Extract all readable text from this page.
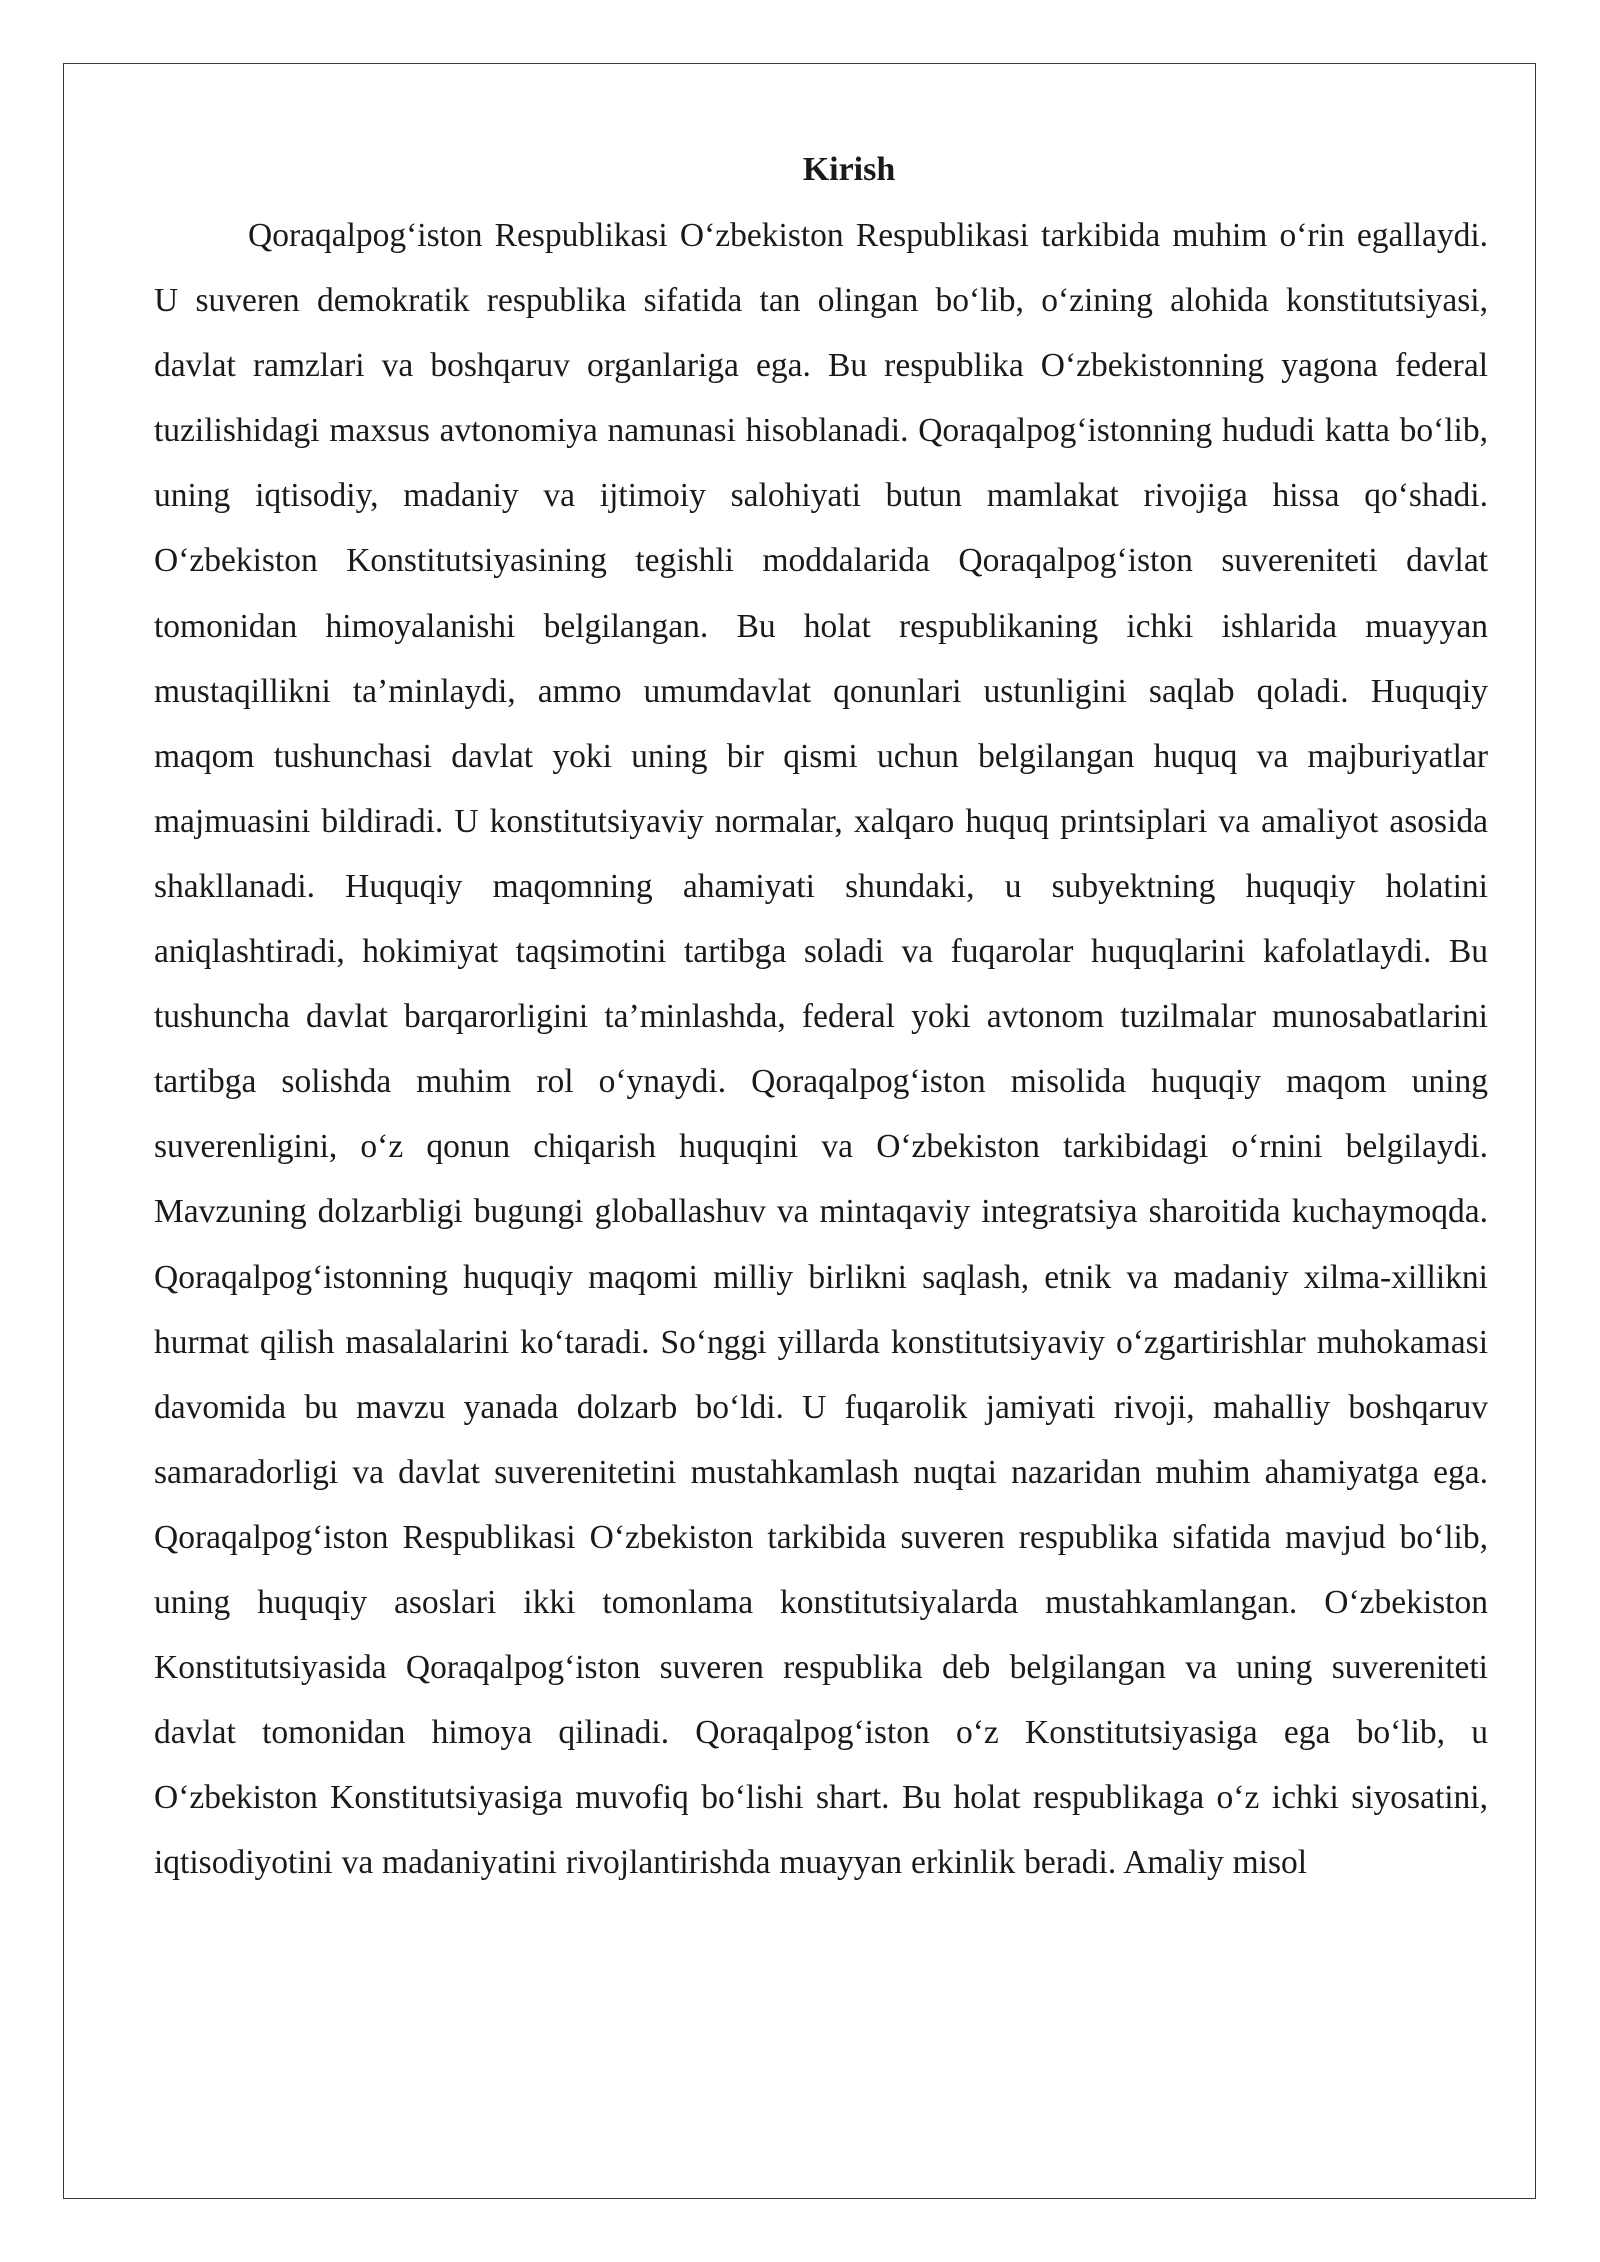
Kirish

Qoraqalpog‘iston Respublikasi O‘zbekiston Respublikasi tarkibida muhim o‘rin egallaydi. U suveren demokratik respublika sifatida tan olingan bo‘lib, o‘zining alohida konstitutsiyasi, davlat ramzlari va boshqaruv organlariga ega. Bu respublika O‘zbekistonning yagona federal tuzilishidagi maxsus avtonomiya namunasi hisoblanadi. Qoraqalpog‘istonning hududi katta bo‘lib, uning iqtisodiy, madaniy va ijtimoiy salohiyati butun mamlakat rivojiga hissa qo‘shadi. O‘zbekiston Konstitutsiyasining tegishli moddalarida Qoraqalpog‘iston suvereniteti davlat tomonidan himoyalanishi belgilangan. Bu holat respublikaning ichki ishlarida muayyan mustaqillikni ta’minlaydi, ammo umumdavlat qonunlari ustunligini saqlab qoladi. Huquqiy maqom tushunchasi davlat yoki uning bir qismi uchun belgilangan huquq va majburiyatlar majmuasini bildiradi. U konstitutsiyaviy normalar, xalqaro huquq printsiplari va amaliyot asosida shakllanadi. Huquqiy maqomning ahamiyati shundaki, u subyektning huquqiy holatini aniqlashtiradi, hokimiyat taqsimotini tartibga soladi va fuqarolar huquqlarini kafolatlaydi. Bu tushuncha davlat barqarorligini ta’minlashda, federal yoki avtonom tuzilmalar munosabatlarini tartibga solishda muhim rol o‘ynaydi. Qoraqalpog‘iston misolida huquqiy maqom uning suverenligini, o‘z qonun chiqarish huquqini va O‘zbekiston tarkibidagi o‘rnini belgilaydi. Mavzuning dolzarbligi bugungi globallashuv va mintaqaviy integratsiya sharoitida kuchaymoqda. Qoraqalpog‘istonning huquqiy maqomi milliy birlikni saqlash, etnik va madaniy xilma-xillikni hurmat qilish masalalarini ko‘taradi. So‘nggi yillarda konstitutsiyaviy o‘zgartirishlar muhokamasi davomida bu mavzu yanada dolzarb bo‘ldi. U fuqarolik jamiyati rivoji, mahalliy boshqaruv samaradorligi va davlat suverenitetini mustahkamlash nuqtai nazaridan muhim ahamiyatga ega. Qoraqalpog‘iston Respublikasi O‘zbekiston tarkibida suveren respublika sifatida mavjud bo‘lib, uning huquqiy asoslari ikki tomonlama konstitutsiyalarda mustahkamlangan. O‘zbekiston Konstitutsiyasida Qoraqalpog‘iston suveren respublika deb belgilangan va uning suvereniteti davlat tomonidan himoya qilinadi. Qoraqalpog‘iston o‘z Konstitutsiyasiga ega bo‘lib, u O‘zbekiston Konstitutsiyasiga muvofiq bo‘lishi shart. Bu holat respublikaga o‘z ichki siyosatini, iqtisodiyotini va madaniyatini rivojlantirishda muayyan erkinlik beradi. Amaliy misol
